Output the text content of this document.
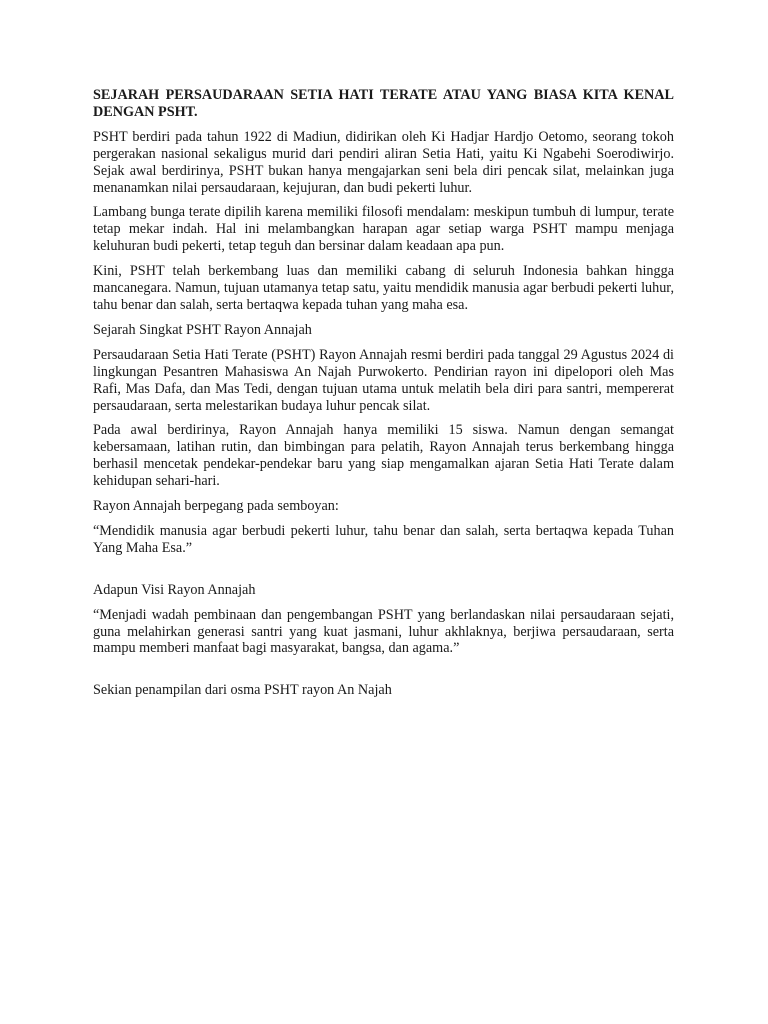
SEJARAH PERSAUDARAAN SETIA HATI TERATE ATAU YANG BIASA KITA KENAL DENGAN PSHT.

PSHT berdiri pada tahun 1922 di Madiun, didirikan oleh Ki Hadjar Hardjo Oetomo, seorang tokoh pergerakan nasional sekaligus murid dari pendiri aliran Setia Hati, yaitu Ki Ngabehi Soerodiwirjo. Sejak awal berdirinya, PSHT bukan hanya mengajarkan seni bela diri pencak silat, melainkan juga menanamkan nilai persaudaraan, kejujuran, dan budi pekerti luhur.

Lambang bunga terate dipilih karena memiliki filosofi mendalam: meskipun tumbuh di lumpur, terate tetap mekar indah. Hal ini melambangkan harapan agar setiap warga PSHT mampu menjaga keluhuran budi pekerti, tetap teguh dan bersinar dalam keadaan apa pun.

Kini, PSHT telah berkembang luas dan memiliki cabang di seluruh Indonesia bahkan hingga mancanegara. Namun, tujuan utamanya tetap satu, yaitu mendidik manusia agar berbudi pekerti luhur, tahu benar dan salah, serta bertaqwa kepada tuhan yang maha esa.

Sejarah Singkat PSHT Rayon Annajah

Persaudaraan Setia Hati Terate (PSHT) Rayon Annajah resmi berdiri pada tanggal 29 Agustus 2024 di lingkungan Pesantren Mahasiswa An Najah Purwokerto. Pendirian rayon ini dipelopori oleh Mas Rafi, Mas Dafa, dan Mas Tedi, dengan tujuan utama untuk melatih bela diri para santri, mempererat persaudaraan, serta melestarikan budaya luhur pencak silat.

Pada awal berdirinya, Rayon Annajah hanya memiliki 15 siswa. Namun dengan semangat kebersamaan, latihan rutin, dan bimbingan para pelatih, Rayon Annajah terus berkembang hingga berhasil mencetak pendekar-pendekar baru yang siap mengamalkan ajaran Setia Hati Terate dalam kehidupan sehari-hari.

Rayon Annajah berpegang pada semboyan:

“Mendidik manusia agar berbudi pekerti luhur, tahu benar dan salah, serta bertaqwa kepada Tuhan Yang Maha Esa.”

Adapun Visi Rayon Annajah

“Menjadi wadah pembinaan dan pengembangan PSHT yang berlandaskan nilai persaudaraan sejati, guna melahirkan generasi santri yang kuat jasmani, luhur akhlaknya, berjiwa persaudaraan, serta mampu memberi manfaat bagi masyarakat, bangsa, dan agama.”

Sekian penampilan dari osma PSHT rayon An Najah
